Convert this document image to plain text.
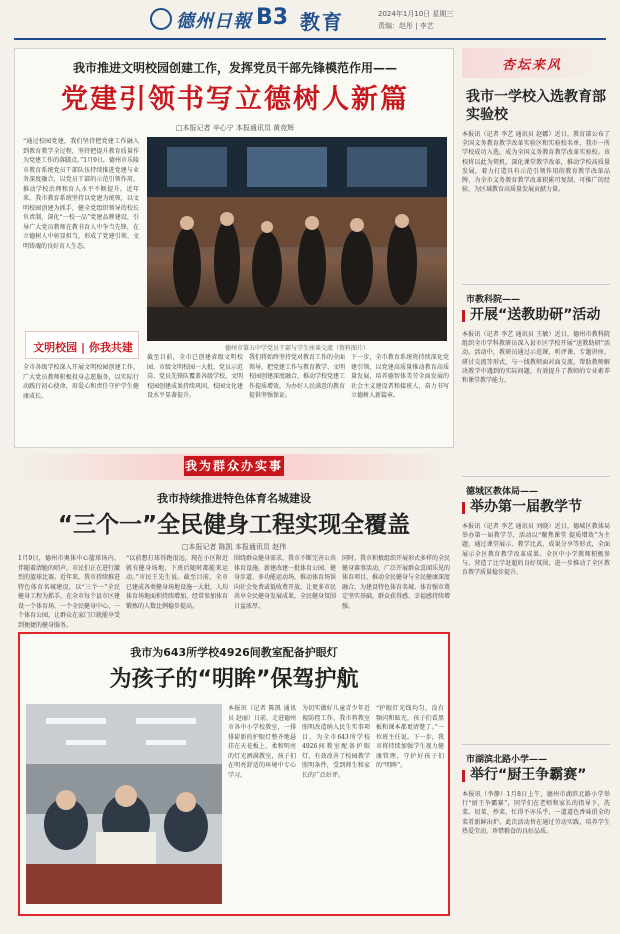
德州日報 B3 教育	2024年1月10日 星期三
责编：赵彤 | 李艺
我市推进文明校园创建工作，发挥党员干部先锋模范作用——
党建引领书写立德树人新篇
□本报记者 辛心宁 本报通讯员 黄竞辉
“通过校园党建，我们坚持把党建工作融入到教育教学全过程，坚持把提升教育质量作为党建工作的落脚点。”1月9日，德州市乐陵市教育系统党员干部队伍持续推进党建与业务深度融合，以党员干部的示范引领作用，推动学校治理和育人水平不断提升。近年来，我市教育系统坚持以党建为统领，以文明校园创建为抓手，健全党组织领导的校长负责制，深化“一校一品”党建品牌建设，引导广大党员教师在教书育人中争当先锋，在立德树人中彰显担当，形成了党建引领、文明铸魂的良好育人生态。
德州市第五中学党员干部与学生座谈交流（资料图片）
文明校园 | 你我共建
全市各级学校深入开展文明校园创建工作，广大党员教师积极投身志愿服务，以实际行动践行初心使命，用爱心和责任守护学生健康成长。
截至目前，全市已创建省级文明校园、市级文明校园一大批，党员示范岗、党员先锋队覆盖各级学校，文明校园创建成果持续巩固，校园文化建设水平显著提升。
我们将始终坚持党对教育工作的全面领导，把党建工作与教育教学、文明校园创建深度融合，推动学校党建工作提质增效，为办好人民满意的教育提供坚强保证。
下一步，全市教育系统将持续深化党建引领，以党建高质量推动教育高质量发展，培养德智体美劳全面发展的社会主义建设者和接班人，奋力书写立德树人新篇章。
我为群众办实事
我市持续推进特色体育名城建设
“三个一”全民健身工程实现全覆盖
□本报记者 陈凯 本报通讯员 赵伟
1月9日，德州市奥体中心篮球场内，伴随着清脆的哨声，市民们正在进行激烈的篮球比赛。近年来，我市持续推进特色体育名城建设，以“三个一”全民健身工程为抓手，在全市每个县市区建设一个体育场、一个全民健身中心、一个体育公园，让群众在家门口就能享受到便捷的健身服务。
“以前想打球得跑很远，现在小区附近就有健身场地，下班后随时都能来运动。”市民王先生说。截至目前，全市已建成各类健身场地设施一大批，人均体育场地面积持续增加，经常参加体育锻炼的人数比例稳步提高。
围绕群众健身需求，我市不断完善公共体育设施，新建改建一批体育公园、健身步道、多功能运动场，推动体育场馆向社会免费或低收费开放，让更多市民共享全民健身发展成果，全民健身氛围日益浓厚。
同时，我市积极组织开展形式多样的全民健身赛事活动，广泛开展群众喜闻乐见的体育项目，推动全民健身与全民健康深度融合，为建设特色体育名城、体育强市奠定坚实基础，群众获得感、幸福感持续增强。
我市为643所学校4926间教室配备护眼灯
为孩子的“明眸”保驾护航
本报讯（记者 陈凯 通讯员 赵丽）日前，走进德州市各中小学校教室，一排排崭新的护眼灯整齐地悬挂在天花板上，柔和明亮的灯光洒满教室，孩子们在明亮舒适的环境中专心学习。
为切实做好儿童青少年近视防控工作，我市将教室照明改造纳入民生实事项目，为全市643所学校4926间教室配备护眼灯，有效改善了校园教学照明条件，受到师生和家长的广泛好评。
“护眼灯光线均匀，没有频闪和眩光，孩子们看黑板和课本都更清楚了。”一位班主任说。下一步，我市将持续加强学生视力健康管理，守护好孩子们的“明眸”。
杏坛来风
我市一学校入选教育部实验校
本报讯（记者 李艺 通讯员 赵娜）近日，教育部公布了全国义务教育教学改革实验区和实验校名单，我市一所学校成功入选，成为全国义务教育教学改革实验校。该校将以此为契机，深化课堂教学改革，推动学校高质量发展，着力打造具有示范引领作用的教育教学改革品牌，为全市义务教育教学改革积累可复制、可推广的经验，为区域教育高质量发展贡献力量。
市教科院——
开展“送教助研”活动
本报讯（记者 李艺 通讯员 王敏）近日，德州市教科院组织全市学科教研员深入县市区学校开展“送教助研”活动。活动中，教研员通过示范课、听评课、专题讲座、研讨交流等形式，与一线教师面对面交流，帮助教师解决教学中遇到的实际问题，有效提升了教师的专业素养和课堂教学能力。
德城区教体局——
举办第一届教学节
本报讯（记者 李艺 通讯员 刘晓）近日，德城区教体局举办第一届教学节，活动以“聚焦课堂 提质增效”为主题，通过课堂展示、教学比武、成果分享等形式，全面展示全区教育教学改革成果。全区中小学教师积极参与，营造了比学赶超的良好氛围，进一步推动了全区教育教学质量稳步提升。
市湖滨北路小学——
举行“厨王争霸赛”
本报讯（李静）1月8日上午，德州市湖滨北路小学举行“厨王争霸赛”，同学们在老师和家长的指导下，洗菜、切菜、炒菜，忙得不亦乐乎，一道道色香味俱全的菜肴新鲜出炉。此次活动旨在通过劳动实践，培养学生热爱劳动、珍惜粮食的良好品质。
